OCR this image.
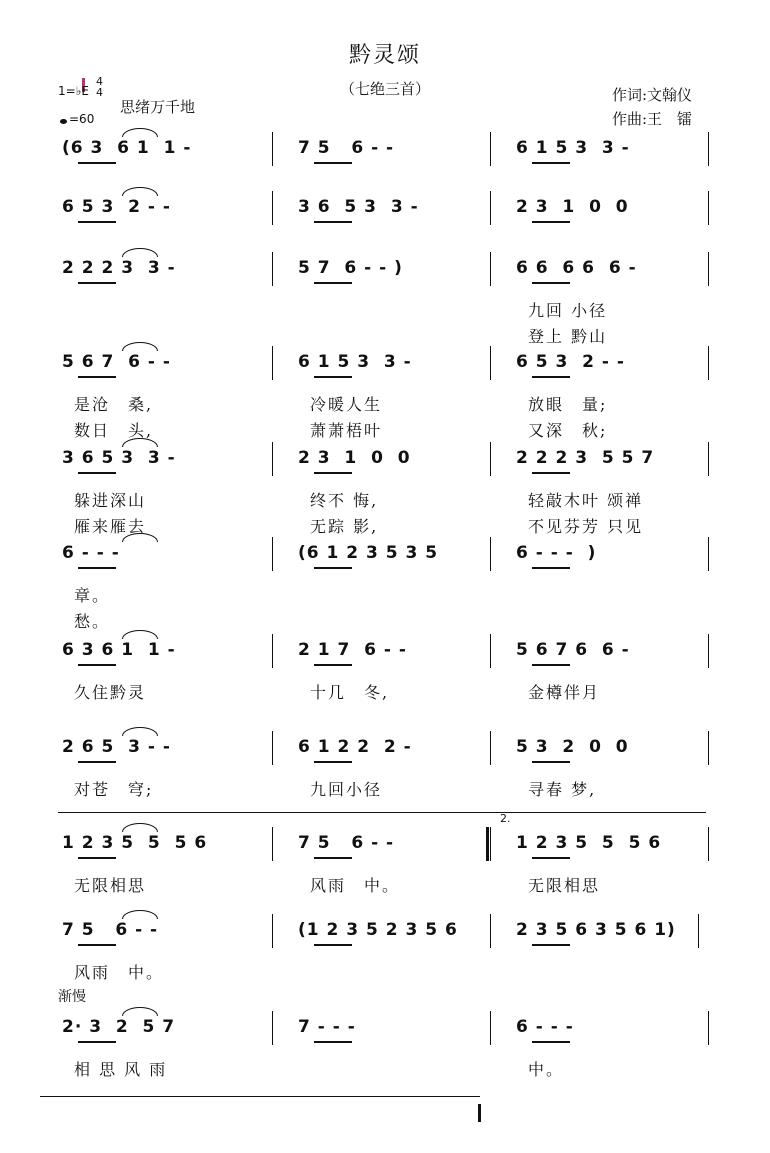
黔灵颂
（七绝三首）
1=♭E
4
4
=60
思绪万千地
作词:文翰仪
作曲:王　镭
(6 3  6 1  1 -	7 5   6 - -	6 1 5 3  3 -
6 5 3  2 - -	3 6  5 3  3 -	2 3  1  0  0
2 2 2 3  3 -	5 7  6 - - )	6 6  6 6  6 -
九回 小径
登上 黔山
5 6 7  6 - -	6 1 5 3  3 -	6 5 3  2 - -
是沧　桑,	冷暖人生	放眼　量;
数日　头,	萧萧梧叶	又深　秋;
3 6 5 3  3 -	2 3  1  0  0	2 2 2 3  5 5 7
躲进深山	终不 悔,	轻敲木叶 颂禅
雁来雁去	无踪 影,	不见芬芳 只见
6 - - -	(6 1 2 3 5 3 5	6 - - -  )
章。
愁。
6 3 6 1  1 -	2 1 7  6 - -	5 6 7 6  6 -
久住黔灵	十几　冬,	金樽伴月
2 6 5  3 - -	6 1 2 2  2 -	5 3  2  0  0
对苍　穹;	九回小径	寻春 梦,
1 2 3 5  5  5 6	7 5   6 - -	1 2 3 5  5  5 6
无限相思	风雨　中。	无限相思
7 5   6 - -	(1 2 3 5 2 3 5 6	2 3 5 6 3 5 6 1)
风雨　中。
2· 3  2  5 7	7 - - -	6 - - -
相 思 风 雨	中。
渐慢
2.
